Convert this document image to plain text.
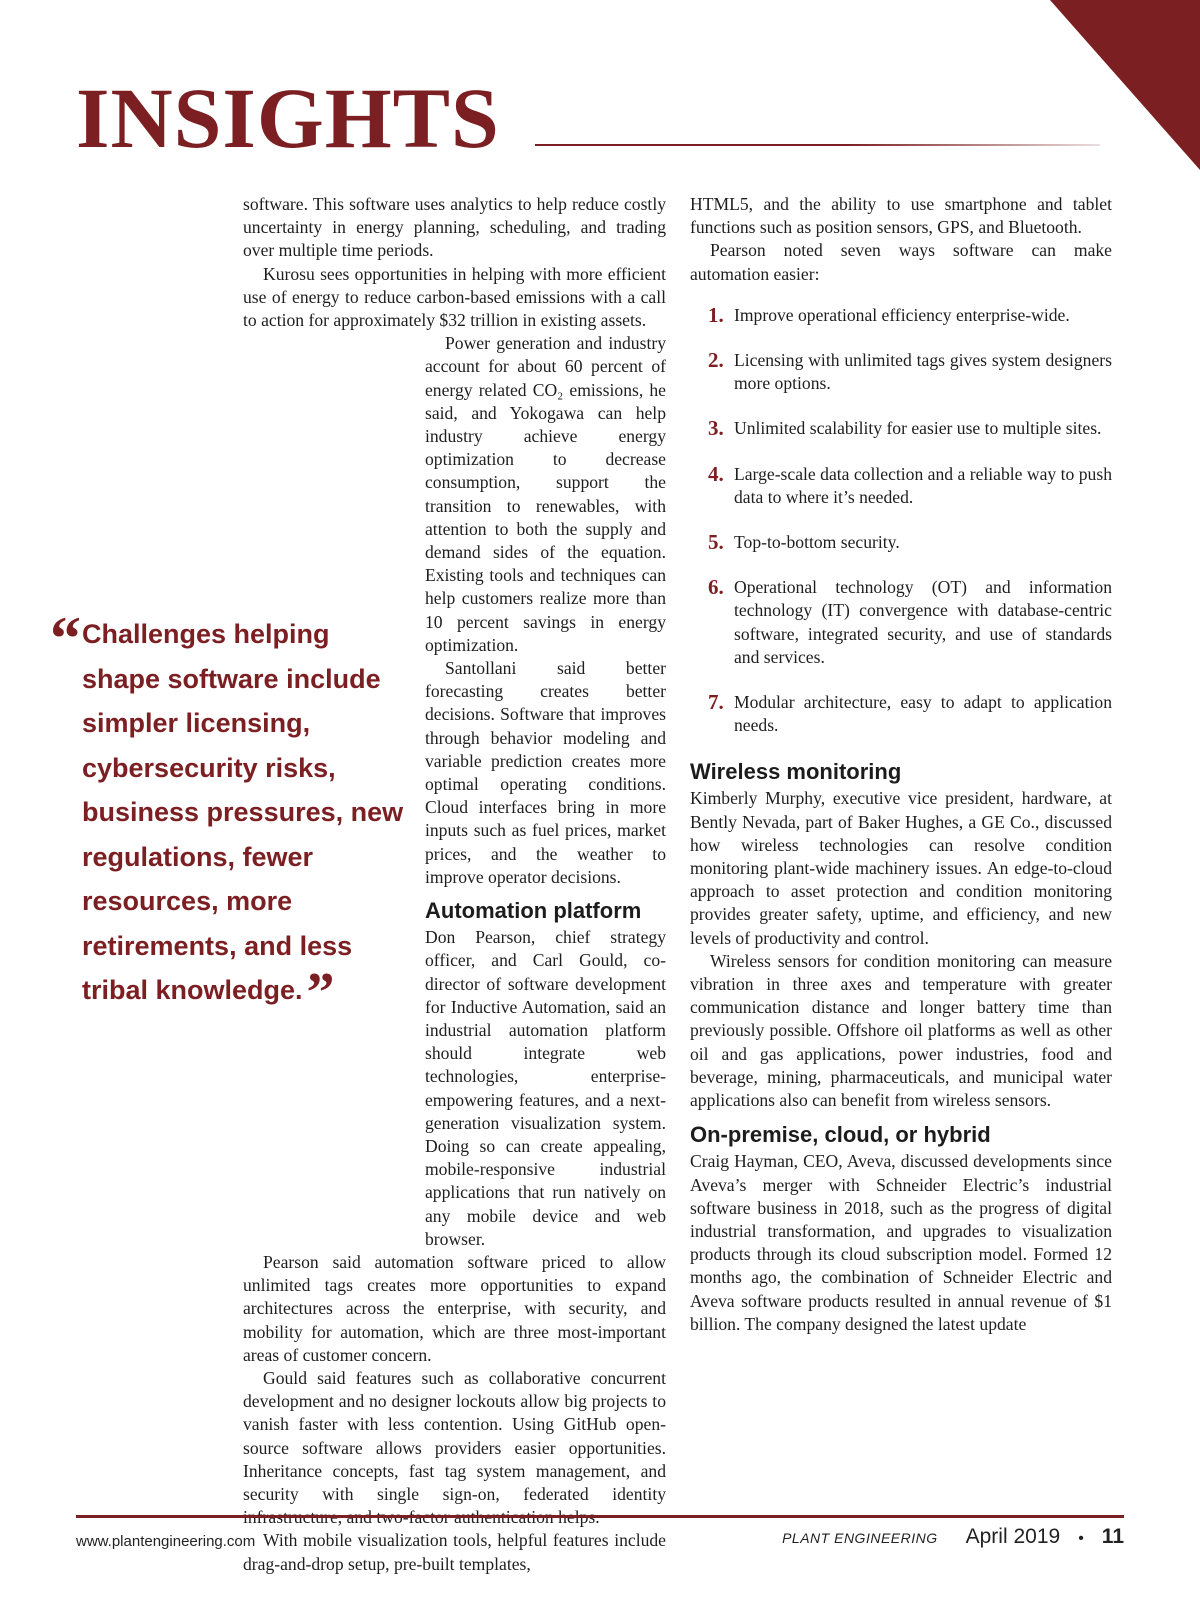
INSIGHTS

software. This software uses analytics to help reduce costly uncertainty in energy planning, scheduling, and trading over multiple time periods.

Kurosu sees opportunities in helping with more efficient use of energy to reduce carbon-based emissions with a call to action for approximately $32 trillion in existing assets.

Power generation and industry account for about 60 percent of energy related CO₂ emissions, he said, and Yokogawa can help industry achieve energy optimization to decrease consumption, support the transition to renewables, with attention to both the supply and demand sides of the equation. Existing tools and techniques can help customers realize more than 10 percent savings in energy optimization.

Santollani said better forecasting creates better decisions. Software that improves through behavior modeling and variable prediction creates more optimal operating conditions. Cloud interfaces bring in more inputs such as fuel prices, market prices, and the weather to improve operator decisions.

Automation platform

Don Pearson, chief strategy officer, and Carl Gould, co-director of software development for Inductive Automation, said an industrial automation platform should integrate web technologies, enterprise-empowering features, and a next-generation visualization system. Doing so can create appealing, mobile-responsive industrial applications that run natively on any mobile device and web browser.

Pearson said automation software priced to allow unlimited tags creates more opportunities to expand architectures across the enterprise, with security, and mobility for automation, which are three most-important areas of customer concern.

Gould said features such as collaborative concurrent development and no designer lockouts allow big projects to vanish faster with less contention. Using GitHub open-source software allows providers easier opportunities. Inheritance concepts, fast tag system management, and security with single sign-on, federated identity

With mobile visualization tools, helpful features include drag-and-drop setup, pre-built templates,

“ Challenges helping shape software include simpler licensing, cybersecurity risks, business pressures, new regulations, fewer resources, more retirements, and less tribal knowledge.”

HTML5, and the ability to use smartphone and tablet functions such as position sensors, GPS, and Bluetooth.

Pearson noted seven ways software can make automation easier:

1. Improve operational efficiency enterprise-wide.
2. Licensing with unlimited tags gives system designers more options.
3. Unlimited scalability for easier use to multiple sites.
4. Large-scale data collection and a reliable way to push data to where it’s needed.
5. Top-to-bottom security.
6. Operational technology (OT) and information technology (IT) convergence with database-centric software, integrated security, and use of standards and services.
7. Modular architecture, easy to adapt to application needs.
Wireless monitoring

Kimberly Murphy, executive vice president, hardware, at Bently Nevada, part of Baker Hughes, a GE Co., discussed how wireless technologies can resolve condition monitoring plant-wide machinery issues. An edge-to-cloud approach to asset protection and condition monitoring provides greater safety, uptime, and efficiency, and new levels of productivity and control.

Wireless sensors for condition monitoring can measure vibration in three axes and temperature with greater communication distance and longer battery time than previously possible. Offshore oil platforms as well as other oil and gas applications, power industries, food and beverage, mining, pharmaceuticals, and municipal water applications also can benefit from wireless sensors.

On-premise, cloud, or hybrid

Craig Hayman, CEO, Aveva, discussed developments since Aveva’s merger with Schneider Electric’s industrial software business in 2018, such as the progress of digital industrial transformation, and upgrades to visualization products through its cloud subscription model. Formed 12 months ago, the combination of Schneider Electric and Aveva software products resulted in annual revenue of $1 billion. The company designed the latest update

www.plantengineering.com	PLANT ENGINEERING April 2019 • 11
